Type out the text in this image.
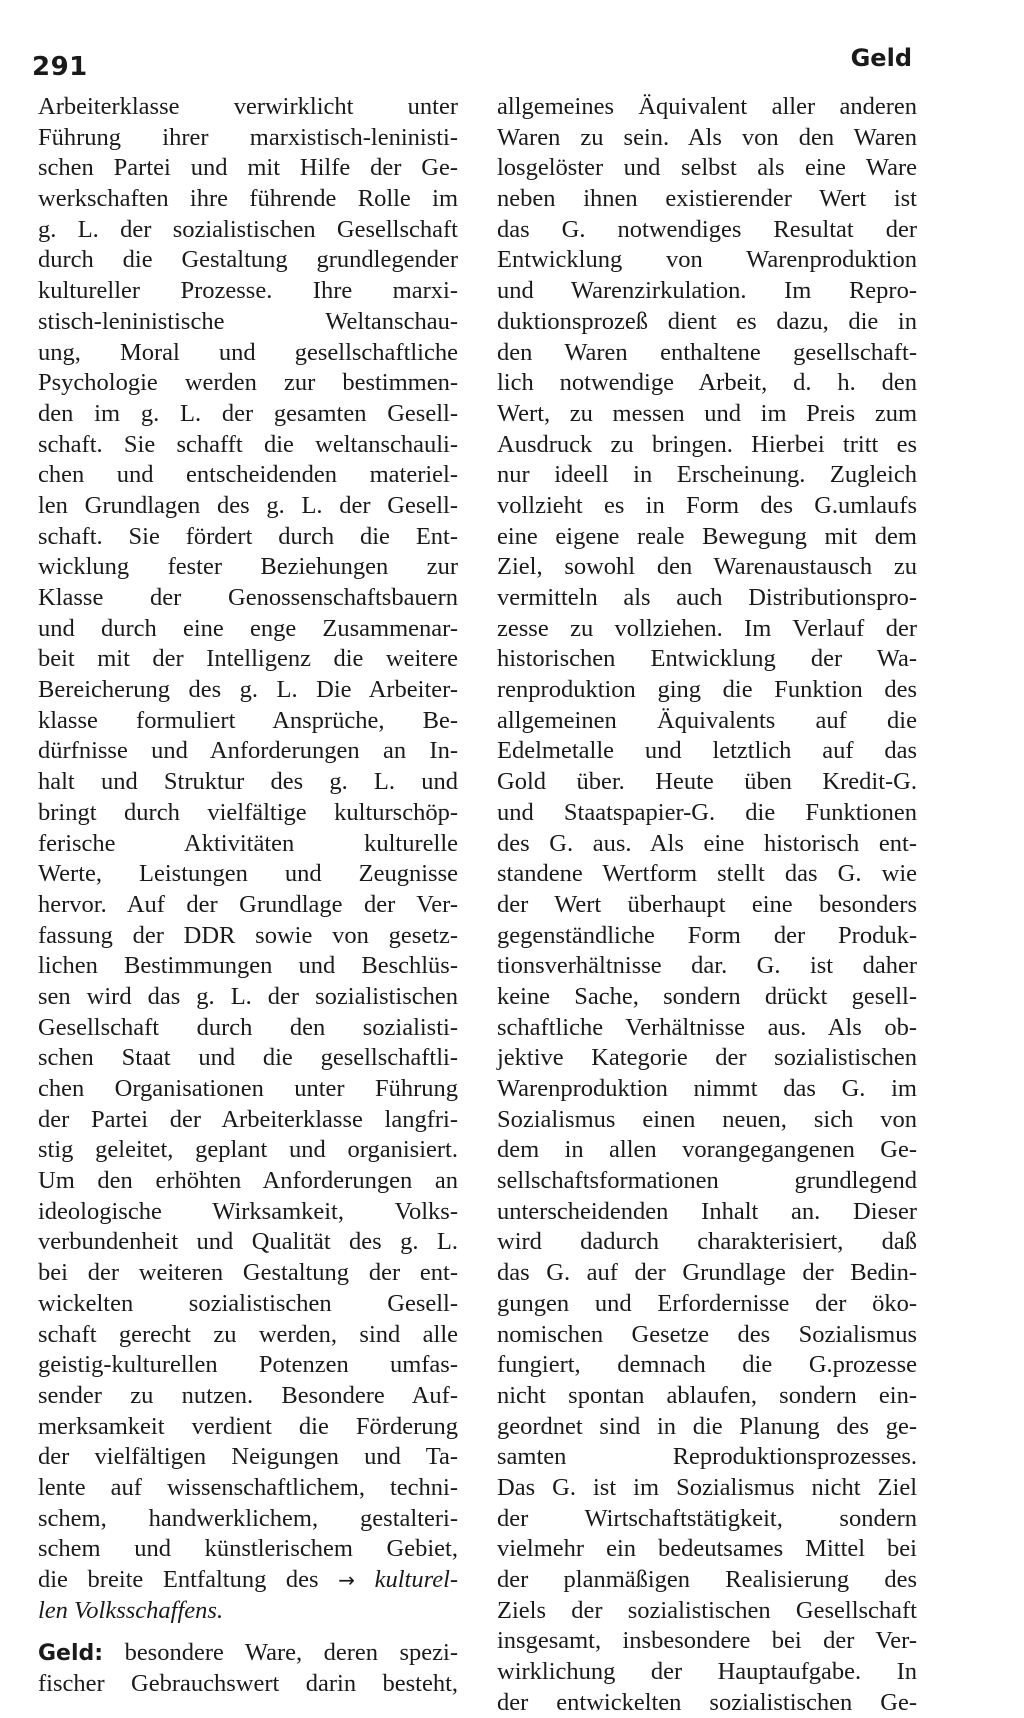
291	Geld
Arbeiterklasse verwirklicht unter
Führung ihrer marxistisch-leninisti-
schen Partei und mit Hilfe der Ge-
werkschaften ihre führende Rolle im
g. L. der sozialistischen Gesellschaft
durch die Gestaltung grundlegender
kultureller Prozesse. Ihre marxi-
stisch-leninistische Weltanschau-
ung, Moral und gesellschaftliche
Psychologie werden zur bestimmen-
den im g. L. der gesamten Gesell-
schaft. Sie schafft die weltanschauli-
chen und entscheidenden materiel-
len Grundlagen des g. L. der Gesell-
schaft. Sie fördert durch die Ent-
wicklung fester Beziehungen zur
Klasse der Genossenschaftsbauern
und durch eine enge Zusammenar-
beit mit der Intelligenz die weitere
Bereicherung des g. L. Die Arbeiter-
klasse formuliert Ansprüche, Be-
dürfnisse und Anforderungen an In-
halt und Struktur des g. L. und
bringt durch vielfältige kulturschöp-
ferische Aktivitäten kulturelle
Werte, Leistungen und Zeugnisse
hervor. Auf der Grundlage der Ver-
fassung der DDR sowie von gesetz-
lichen Bestimmungen und Beschlüs-
sen wird das g. L. der sozialistischen
Gesellschaft durch den sozialisti-
schen Staat und die gesellschaftli-
chen Organisationen unter Führung
der Partei der Arbeiterklasse langfri-
stig geleitet, geplant und organisiert.
Um den erhöhten Anforderungen an
ideologische Wirksamkeit, Volks-
verbundenheit und Qualität des g. L.
bei der weiteren Gestaltung der ent-
wickelten sozialistischen Gesell-
schaft gerecht zu werden, sind alle
geistig-kulturellen Potenzen umfas-
sender zu nutzen. Besondere Auf-
merksamkeit verdient die Förderung
der vielfältigen Neigungen und Ta-
lente auf wissenschaftlichem, techni-
schem, handwerklichem, gestalteri-
schem und künstlerischem Gebiet,
die breite Entfaltung des → kulturel-
len Volksschaffens.
Geld: besondere Ware, deren spezi-
fischer Gebrauchswert darin besteht,
allgemeines Äquivalent aller anderen
Waren zu sein. Als von den Waren
losgelöster und selbst als eine Ware
neben ihnen existierender Wert ist
das G. notwendiges Resultat der
Entwicklung von Warenproduktion
und Warenzirkulation. Im Repro-
duktionsprozeß dient es dazu, die in
den Waren enthaltene gesellschaft-
lich notwendige Arbeit, d. h. den
Wert, zu messen und im Preis zum
Ausdruck zu bringen. Hierbei tritt es
nur ideell in Erscheinung. Zugleich
vollzieht es in Form des G.umlaufs
eine eigene reale Bewegung mit dem
Ziel, sowohl den Warenaustausch zu
vermitteln als auch Distributionspro-
zesse zu vollziehen. Im Verlauf der
historischen Entwicklung der Wa-
renproduktion ging die Funktion des
allgemeinen Äquivalents auf die
Edelmetalle und letztlich auf das
Gold über. Heute üben Kredit-G.
und Staatspapier-G. die Funktionen
des G. aus. Als eine historisch ent-
standene Wertform stellt das G. wie
der Wert überhaupt eine besonders
gegenständliche Form der Produk-
tionsverhältnisse dar. G. ist daher
keine Sache, sondern drückt gesell-
schaftliche Verhältnisse aus. Als ob-
jektive Kategorie der sozialistischen
Warenproduktion nimmt das G. im
Sozialismus einen neuen, sich von
dem in allen vorangegangenen Ge-
sellschaftsformationen grundlegend
unterscheidenden Inhalt an. Dieser
wird dadurch charakterisiert, daß
das G. auf der Grundlage der Bedin-
gungen und Erfordernisse der öko-
nomischen Gesetze des Sozialismus
fungiert, demnach die G.prozesse
nicht spontan ablaufen, sondern ein-
geordnet sind in die Planung des ge-
samten Reproduktionsprozesses.
Das G. ist im Sozialismus nicht Ziel
der Wirtschaftstätigkeit, sondern
vielmehr ein bedeutsames Mittel bei
der planmäßigen Realisierung des
Ziels der sozialistischen Gesellschaft
insgesamt, insbesondere bei der Ver-
wirklichung der Hauptaufgabe. In
der entwickelten sozialistischen Ge-
